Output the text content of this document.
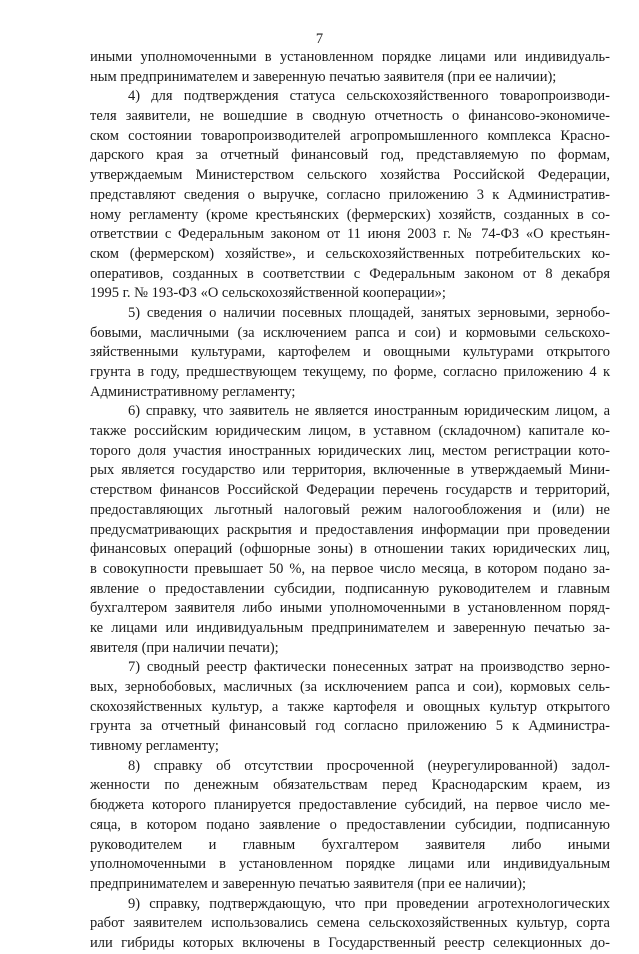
7
иными уполномоченными в установленном порядке лицами или индивидуаль-
ным предпринимателем и заверенную печатью заявителя (при ее наличии);
4) для подтверждения статуса сельскохозяйственного товаропроизводи-
теля заявители, не вошедшие в сводную отчетность о финансово-экономиче-
ском состоянии товаропроизводителей агропромышленного комплекса Красно-
дарского края за отчетный финансовый год, представляемую по формам,
утверждаемым Министерством сельского хозяйства Российской Федерации,
представляют сведения о выручке, согласно приложению 3 к Административ-
ному регламенту (кроме крестьянских (фермерских) хозяйств, созданных в со-
ответствии с Федеральным законом от 11 июня 2003 г. № 74-ФЗ «О крестьян-
ском (фермерском) хозяйстве», и сельскохозяйственных потребительских ко-
оперативов, созданных в соответствии с Федеральным законом от 8 декабря
1995 г. № 193-ФЗ «О сельскохозяйственной кооперации»;
5) сведения о наличии посевных площадей, занятых зерновыми, зернобо-
бовыми, масличными (за исключением рапса и сои) и кормовыми сельскохо-
зяйственными культурами, картофелем и овощными культурами открытого
грунта в году, предшествующем текущему, по форме, согласно приложению 4 к
Административному регламенту;
6) справку, что заявитель не является иностранным юридическим лицом, а
также российским юридическим лицом, в уставном (складочном) капитале ко-
торого доля участия иностранных юридических лиц, местом регистрации кото-
рых является государство или территория, включенные в утверждаемый Мини-
стерством финансов Российской Федерации перечень государств и территорий,
предоставляющих льготный налоговый режим налогообложения и (или) не
предусматривающих раскрытия и предоставления информации при проведении
финансовых операций (офшорные зоны) в отношении таких юридических лиц,
в совокупности превышает 50 %, на первое число месяца, в котором подано за-
явление о предоставлении субсидии, подписанную руководителем и главным
бухгалтером заявителя либо иными уполномоченными в установленном поряд-
ке лицами или индивидуальным предпринимателем и заверенную печатью за-
явителя (при наличии печати);
7) сводный реестр фактически понесенных затрат на производство зерно-
вых, зернобобовых, масличных (за исключением рапса и сои), кормовых сель-
скохозяйственных культур, а также картофеля и овощных культур открытого
грунта за отчетный финансовый год согласно приложению 5 к Администра-
тивному регламенту;
8) справку об отсутствии просроченной (неурегулированной) задол-
женности по денежным обязательствам перед Краснодарским краем, из
бюджета которого планируется предоставление субсидий, на первое число ме-
сяца, в котором подано заявление о предоставлении субсидии, подписанную
руководителем и главным бухгалтером заявителя либо иными
уполномоченными в установленном порядке лицами или индивидуальным
предпринимателем и заверенную печатью заявителя (при ее наличии);
9) справку, подтверждающую, что при проведении агротехнологических
работ заявителем использовались семена сельскохозяйственных культур, сорта
или гибриды которых включены в Государственный реестр селекционных до-
